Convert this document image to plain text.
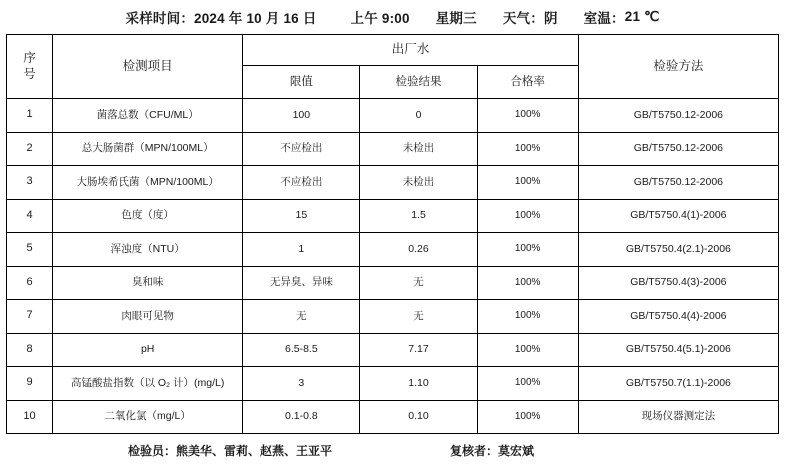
采样时间： 2024 年 10 月 16 日	上午 9:00 星期三 天气： 阴 室温： 21 ℃
序
号	检测项目	出厂水			检验方法
		限值	检验结果	合格率	
1	菌落总数（CFU/ML）	100	0	100%	GB/T5750.12-2006
2	总大肠菌群（MPN/100ML）	不应检出	未检出	100%	GB/T5750.12-2006
3	大肠埃希氏菌（MPN/100ML）	不应检出	未检出	100%	GB/T5750.12-2006
4	色度（度）	15	1.5	100%	GB/T5750.4(1)-2006
5	浑浊度（NTU）	1	0.26	100%	GB/T5750.4(2.1)-2006
6	臭和味	无异臭、异味	无	100%	GB/T5750.4(3)-2006
7	肉眼可见物	无	无	100%	GB/T5750.4(4)-2006
8	pH	6.5-8.5	7.17	100%	GB/T5750.4(5.1)-2006
9	高锰酸盐指数（以 O₂ 计）(mg/L)	3	1.10	100%	GB/T5750.7(1.1)-2006
10	二氧化氯（mg/L）	0.1-0.8	0.10	100%	现场仪器测定法
检验员： 熊美华、雷莉、赵燕、王亚平	复核者： 莫宏斌
